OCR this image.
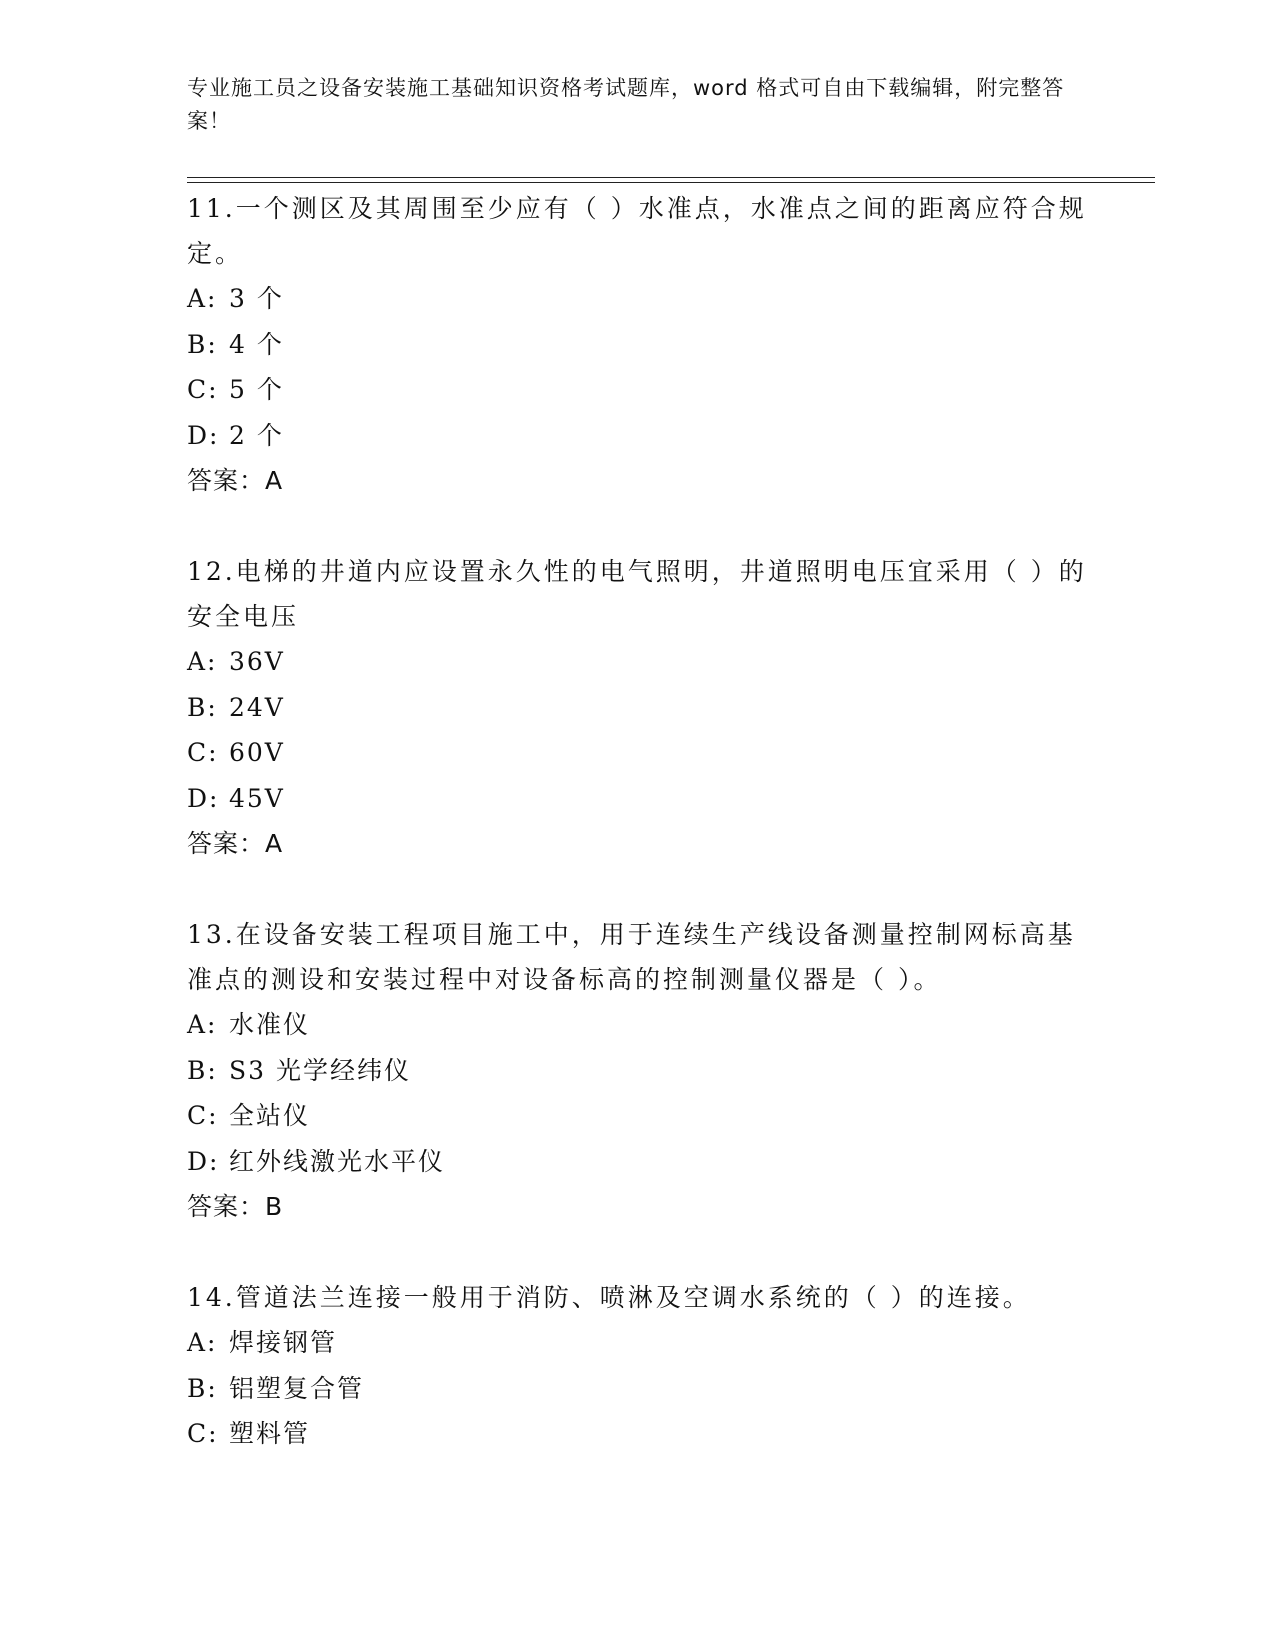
专业施工员之设备安装施工基础知识资格考试题库，word 格式可自由下载编辑，附完整答案！

11.一个测区及其周围至少应有（ ）水准点，水准点之间的距离应符合规定。

A: 3 个

B: 4 个

C: 5 个

D: 2 个

答案：A

12.电梯的井道内应设置永久性的电气照明，井道照明电压宜采用（ ）的安全电压

A: 36V

B: 24V

C: 60V

D: 45V

答案：A

13.在设备安装工程项目施工中，用于连续生产线设备测量控制网标高基准点的测设和安装过程中对设备标高的控制测量仪器是（ ）。

A: 水准仪

B: S3 光学经纬仪

C: 全站仪

D: 红外线激光水平仪

答案：B

14.管道法兰连接一般用于消防、喷淋及空调水系统的（ ）的连接。

A: 焊接钢管

B: 铝塑复合管

C: 塑料管
